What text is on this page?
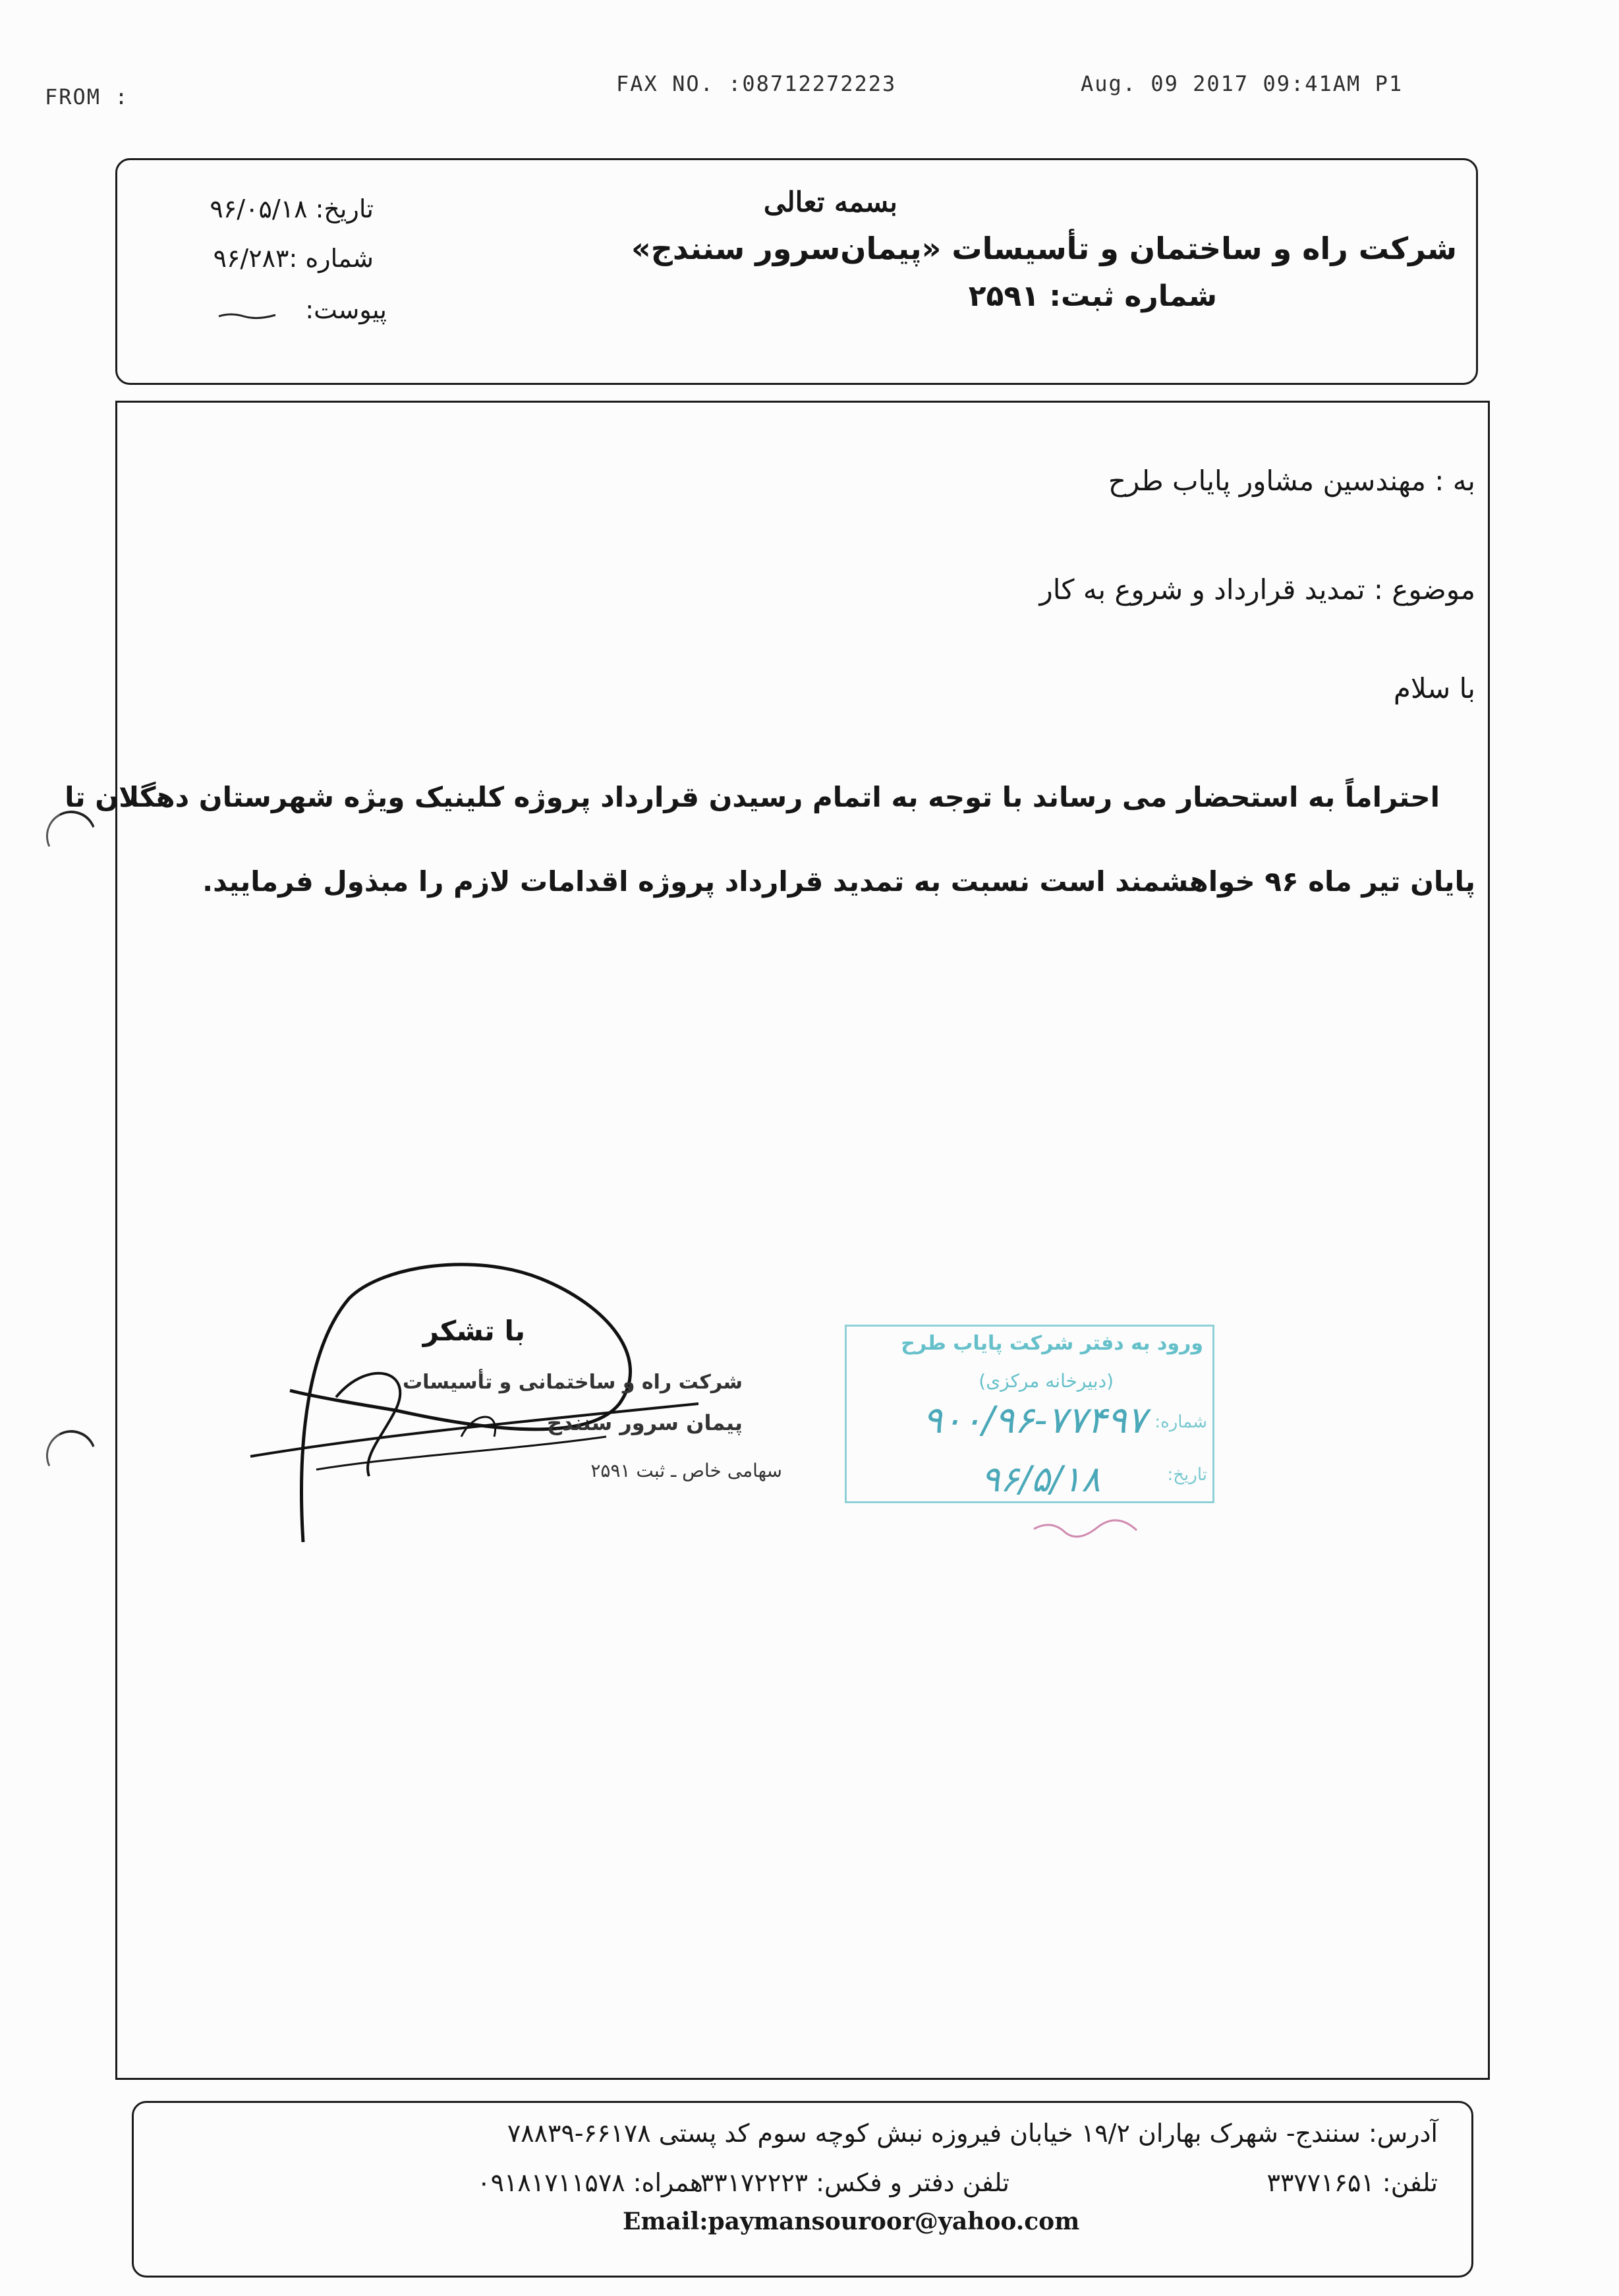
FROM :
FAX NO. :08712272223	Aug. 09 2017 09:41AM P1
بسمه تعالی
شرکت راه و ساختمان و تأسیسات «پیمان‌سرور سنندج»
شماره ثبت: ۲۵۹۱
تاریخ: ۹۶/۰۵/۱۸
شماره :۹۶/۲۸۳
پیوست:
به : مهندسین مشاور پایاب طرح
موضوع : تمدید قرارداد و شروع به کار
با سلام
احتراماً به استحضار می رساند با توجه به اتمام رسیدن قرارداد پروژه کلینیک ویژه شهرستان دهگلان تا
پایان تیر ماه ۹۶ خواهشمند است نسبت به تمدید قرارداد پروژه اقدامات لازم را مبذول فرمایید.
با تشکر
شرکت راه و ساختمانی و تأسیسات
پیمان سرور سنندج
سهامی خاص ـ ثبت ۲۵۹۱
ورود به دفتر شرکت پایاب طرح
(دبیرخانه مرکزی)
شماره:
۹۰۰/۹۶-۷۷۴۹۷
تاریخ:
۹۶/۵/۱۸
آدرس: سنندج- شهرک بهاران ۱۹/۲ خیابان فیروزه نبش کوچه سوم کد پستی ۶۶۱۷۸-۷۸۸۳۹
تلفن: ۳۳۷۷۱۶۵۱
تلفن دفتر و فکس: ۳۳۱۷۲۲۲۳
همراه: ۰۹۱۸۱۷۱۱۵۷۸
Email:paymansouroor@yahoo.com
